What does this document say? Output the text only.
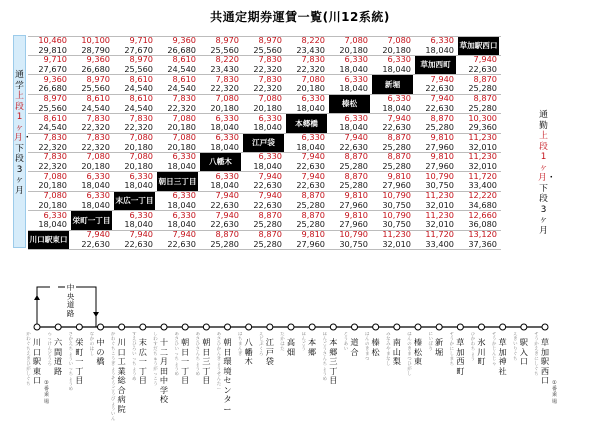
共通定期券運賃一覧(川12系統)
通学上段1ヶ月・下段3ヶ月
通勤上段1ヶ月・下段3ヶ月
川口駅東口
栄町一丁目
末広一丁目
朝日三丁目
八幡木
江戸袋
本郷橋
榛松
新堀
草加西町
草加駅西口
6,330
18,040
7,080
20,180
7,080
20,180
7,830
22,320
7,830
22,320
8,610
24,540
8,970
25,560
9,360
26,680
9,710
27,670
10,460
29,810
6,330
18,040
6,330
18,040
7,080
20,180
7,830
22,320
7,830
22,320
8,610
24,540
8,970
25,560
9,360
26,680
10,100
28,790
6,330
18,040
7,080
20,180
7,080
20,180
7,830
22,320
8,610
24,540
8,610
24,540
8,970
25,560
9,710
27,670
6,330
18,040
7,080
20,180
7,080
20,180
7,830
22,320
8,610
24,540
8,610
24,540
9,360
26,680
6,330
18,040
6,330
18,040
7,080
20,180
7,830
22,320
8,220
23,430
8,970
25,560
6,330
18,040
7,080
20,180
7,830
22,320
7,830
22,320
8,970
25,560
6,330
18,040
7,080
20,180
7,830
22,320
8,220
23,430
6,330
18,040
6,330
18,040
7,080
20,180
6,330
18,040
7,080
20,180
6,330
18,040
7,940
22,630
7,940
22,630
6,330
18,040
7,940
22,630
6,330
18,040
6,330
18,040
8,870
25,280
7,940
22,630
7,940
22,630
6,330
18,040
8,870
25,280
8,870
25,280
7,940
22,630
7,940
22,630
6,330
18,040
9,810
27,960
8,870
25,280
8,870
25,280
7,940
22,630
7,940
22,630
6,330
18,040
10,790
30,750
9,810
27,960
9,810
27,960
8,870
25,280
8,870
25,280
7,940
22,630
6,330
18,040
11,230
32,010
10,790
30,750
10,790
30,750
9,810
27,960
8,870
25,280
8,870
25,280
7,940
22,630
6,330
18,040
11,720
33,400
11,230
32,010
11,230
32,010
10,790
30,750
9,810
27,960
9,810
27,960
8,870
25,280
7,940
22,630
7,940
22,630
13,120
37,360
12,660
36,080
12,220
34,680
11,720
33,400
11,230
32,010
11,230
32,010
10,300
29,360
8,870
25,280
8,870
25,280
7,940
22,630
川口駅東口
かわぐちえきひがしぐち	③番乗場
六間道路
ろっけんどうろ
栄町一丁目
さかえちょういっちょうめ
中の橋
なかのはし
川口工業総合病院
かわぐちこうぎょうそうごうびょういん
末広一丁目
すえひろいっちょうめ
十二月田中学校
しわすだちゅうがっこう
朝日一丁目
あさひいっちょうめ
朝日三丁目
あさひさんちょうめ
朝日環境センター
あさひかんきょうせんたー
八幡木
はちまんぎ
江戸袋
えどぶくろ
高畑
たかはた
本郷
ほんごう
本郷三丁目
ほんごうさんちょうめ
道合
どうあい
榛松
はんのきまつ
南山梨
みなみやまなし
榛松東
はんのきまつひがし
新堀
にいぼり
草加西町
そうかにしまち
氷川町
ひかわちょう
草加神社
そうかじんじゃ
駅入口
えきいりぐち
草加駅西口
そうかえきにしぐち
①番乗場
中央道路
